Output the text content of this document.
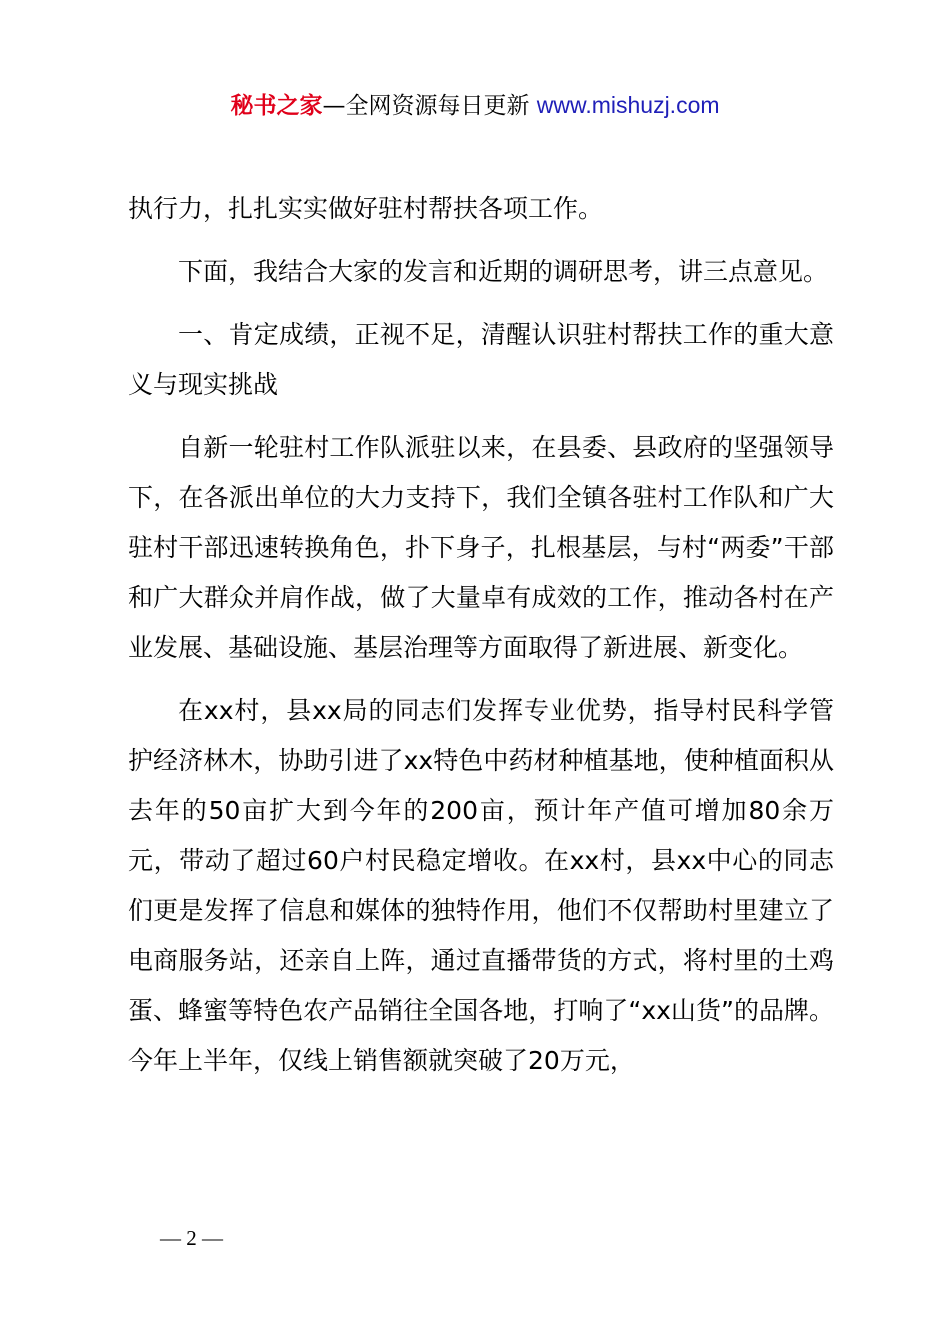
秘书之家—全网资源每日更新 www.mishuzj.com

执行力，扎扎实实做好驻村帮扶各项工作。

下面，我结合大家的发言和近期的调研思考，讲三点意见。

一、肯定成绩，正视不足，清醒认识驻村帮扶工作的重大意义与现实挑战

自新一轮驻村工作队派驻以来，在县委、县政府的坚强领导下，在各派出单位的大力支持下，我们全镇各驻村工作队和广大驻村干部迅速转换角色，扑下身子，扎根基层，与村“两委”干部和广大群众并肩作战，做了大量卓有成效的工作，推动各村在产业发展、基础设施、基层治理等方面取得了新进展、新变化。

在xx村，县xx局的同志们发挥专业优势，指导村民科学管护经济林木，协助引进了xx特色中药材种植基地，使种植面积从去年的50亩扩大到今年的200亩，预计年产值可增加80余万元，带动了超过60户村民稳定增收。在xx村，县xx中心的同志们更是发挥了信息和媒体的独特作用，他们不仅帮助村里建立了电商服务站，还亲自上阵，通过直播带货的方式，将村里的土鸡蛋、蜂蜜等特色农产品销往全国各地，打响了“xx山货”的品牌。今年上半年，仅线上销售额就突破了20万元，

— 2 —
